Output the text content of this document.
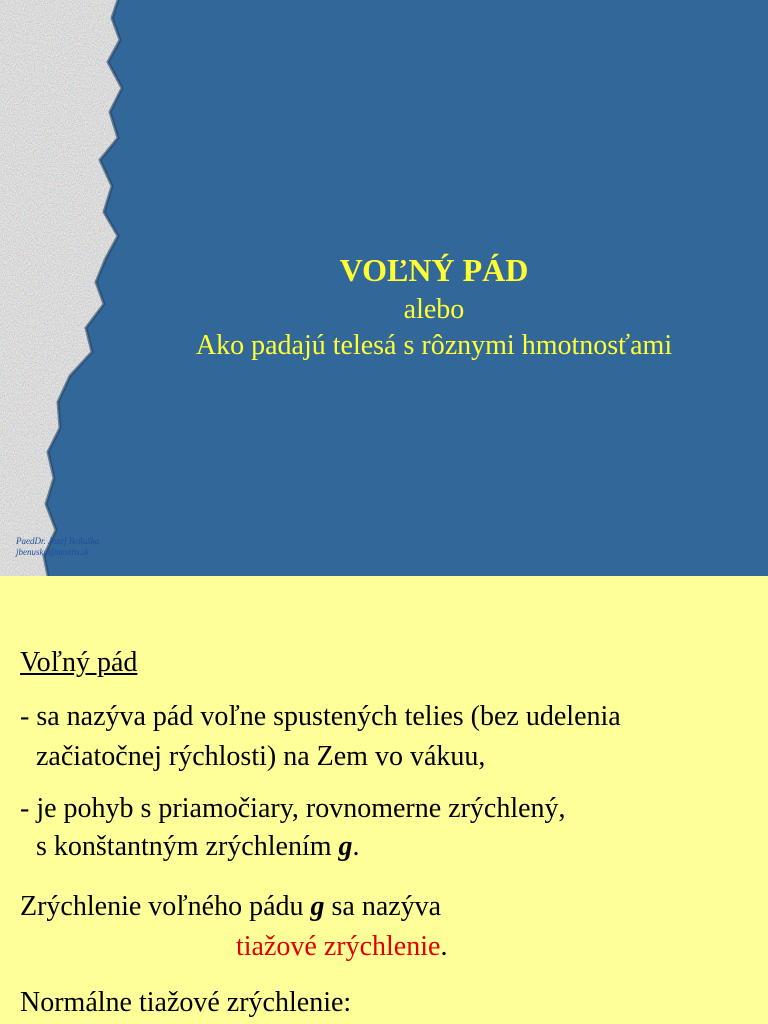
VOĽNÝ PÁD
alebo
Ako padajú telesá s rôznymi hmotnosťami
PaedDr. Jozef Beňuška
jbenuska@nextra.sk
Voľný pád
- sa nazýva pád voľne spustených telies (bez udelenia
začiatočnej rýchlosti) na Zem vo vákuu,
- je pohyb s priamočiary, rovnomerne zrýchlený,
s konštantným zrýchlením g.
Zrýchlenie voľného pádu g sa nazýva
tiažové zrýchlenie.
Normálne tiažové zrýchlenie:
